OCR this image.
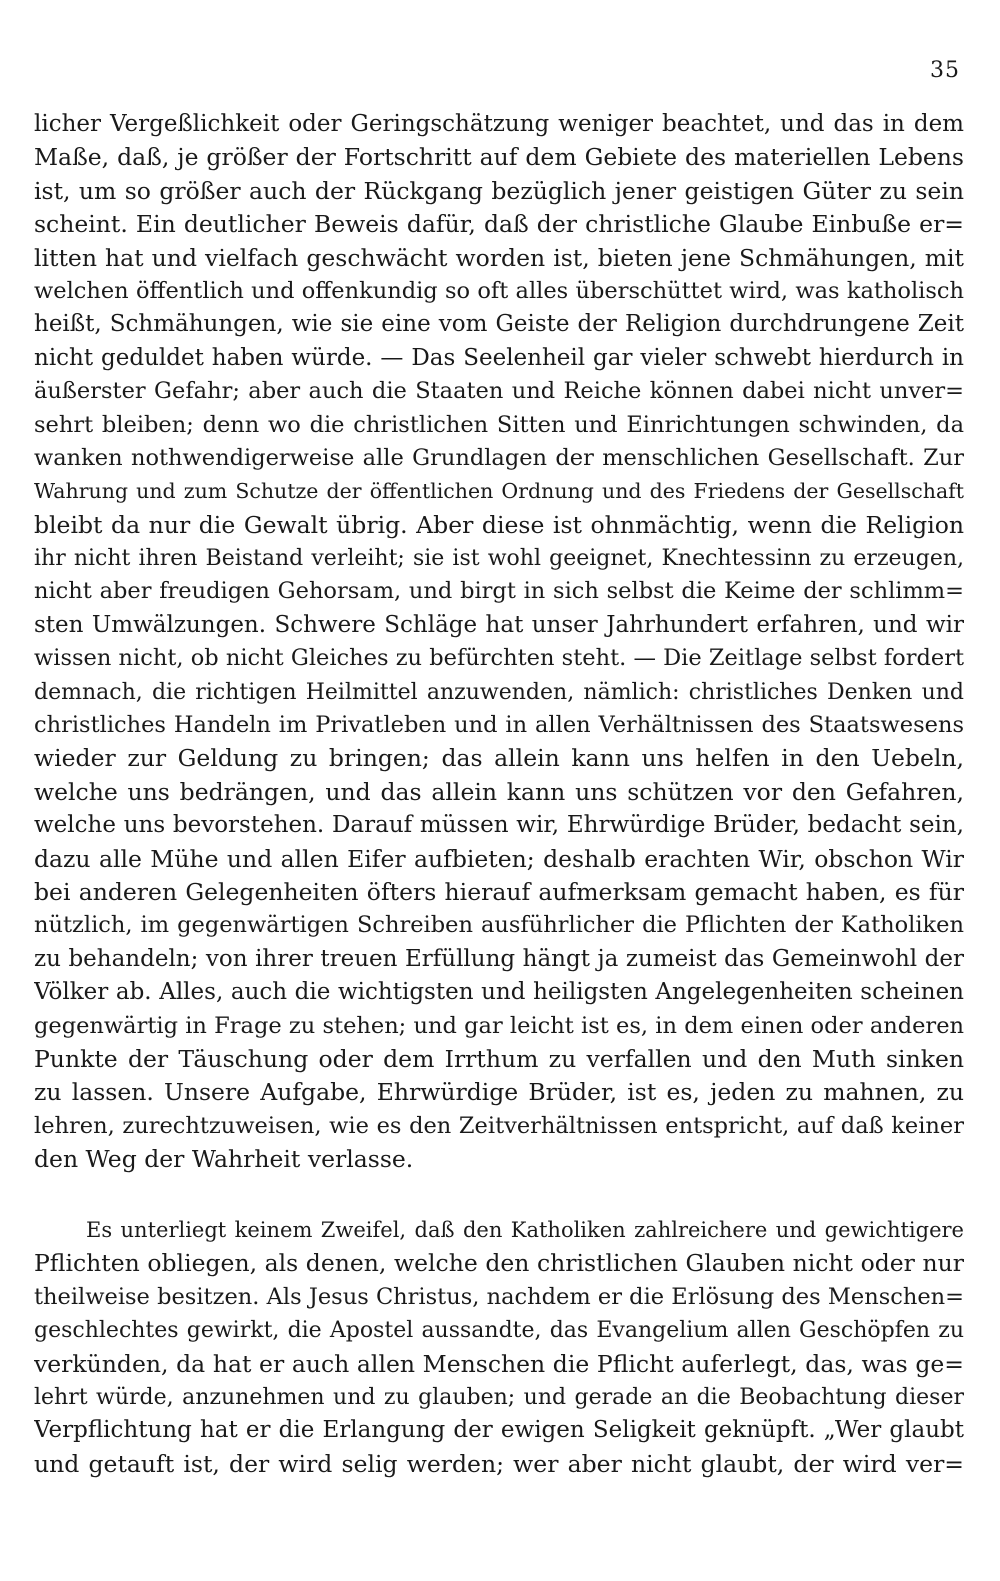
35
licher Vergeßlichkeit oder Geringschätzung weniger beachtet, und das in dem
Maße, daß, je größer der Fortschritt auf dem Gebiete des materiellen Lebens
ist, um so größer auch der Rückgang bezüglich jener geistigen Güter zu sein
scheint. Ein deutlicher Beweis dafür, daß der christliche Glaube Einbuße er=
litten hat und vielfach geschwächt worden ist, bieten jene Schmähungen, mit
welchen öffentlich und offenkundig so oft alles überschüttet wird, was katholisch
heißt, Schmähungen, wie sie eine vom Geiste der Religion durchdrungene Zeit
nicht geduldet haben würde. — Das Seelenheil gar vieler schwebt hierdurch in
äußerster Gefahr; aber auch die Staaten und Reiche können dabei nicht unver=
sehrt bleiben; denn wo die christlichen Sitten und Einrichtungen schwinden, da
wanken nothwendigerweise alle Grundlagen der menschlichen Gesellschaft. Zur
Wahrung und zum Schutze der öffentlichen Ordnung und des Friedens der Gesellschaft
bleibt da nur die Gewalt übrig. Aber diese ist ohnmächtig, wenn die Religion
ihr nicht ihren Beistand verleiht; sie ist wohl geeignet, Knechtessinn zu erzeugen,
nicht aber freudigen Gehorsam, und birgt in sich selbst die Keime der schlimm=
sten Umwälzungen. Schwere Schläge hat unser Jahrhundert erfahren, und wir
wissen nicht, ob nicht Gleiches zu befürchten steht. — Die Zeitlage selbst fordert
demnach, die richtigen Heilmittel anzuwenden, nämlich: christliches Denken und
christliches Handeln im Privatleben und in allen Verhältnissen des Staatswesens
wieder zur Geldung zu bringen; das allein kann uns helfen in den Uebeln,
welche uns bedrängen, und das allein kann uns schützen vor den Gefahren,
welche uns bevorstehen. Darauf müssen wir, Ehrwürdige Brüder, bedacht sein,
dazu alle Mühe und allen Eifer aufbieten; deshalb erachten Wir, obschon Wir
bei anderen Gelegenheiten öfters hierauf aufmerksam gemacht haben, es für
nützlich, im gegenwärtigen Schreiben ausführlicher die Pflichten der Katholiken
zu behandeln; von ihrer treuen Erfüllung hängt ja zumeist das Gemeinwohl der
Völker ab. Alles, auch die wichtigsten und heiligsten Angelegenheiten scheinen
gegenwärtig in Frage zu stehen; und gar leicht ist es, in dem einen oder anderen
Punkte der Täuschung oder dem Irrthum zu verfallen und den Muth sinken
zu lassen. Unsere Aufgabe, Ehrwürdige Brüder, ist es, jeden zu mahnen, zu
lehren, zurechtzuweisen, wie es den Zeitverhältnissen entspricht, auf daß keiner
den Weg der Wahrheit verlasse.
Es unterliegt keinem Zweifel, daß den Katholiken zahlreichere und gewichtigere
Pflichten obliegen, als denen, welche den christlichen Glauben nicht oder nur
theilweise besitzen. Als Jesus Christus, nachdem er die Erlösung des Menschen=
geschlechtes gewirkt, die Apostel aussandte, das Evangelium allen Geschöpfen zu
verkünden, da hat er auch allen Menschen die Pflicht auferlegt, das, was ge=
lehrt würde, anzunehmen und zu glauben; und gerade an die Beobachtung dieser
Verpflichtung hat er die Erlangung der ewigen Seligkeit geknüpft. „Wer glaubt
und getauft ist, der wird selig werden; wer aber nicht glaubt, der wird ver=
